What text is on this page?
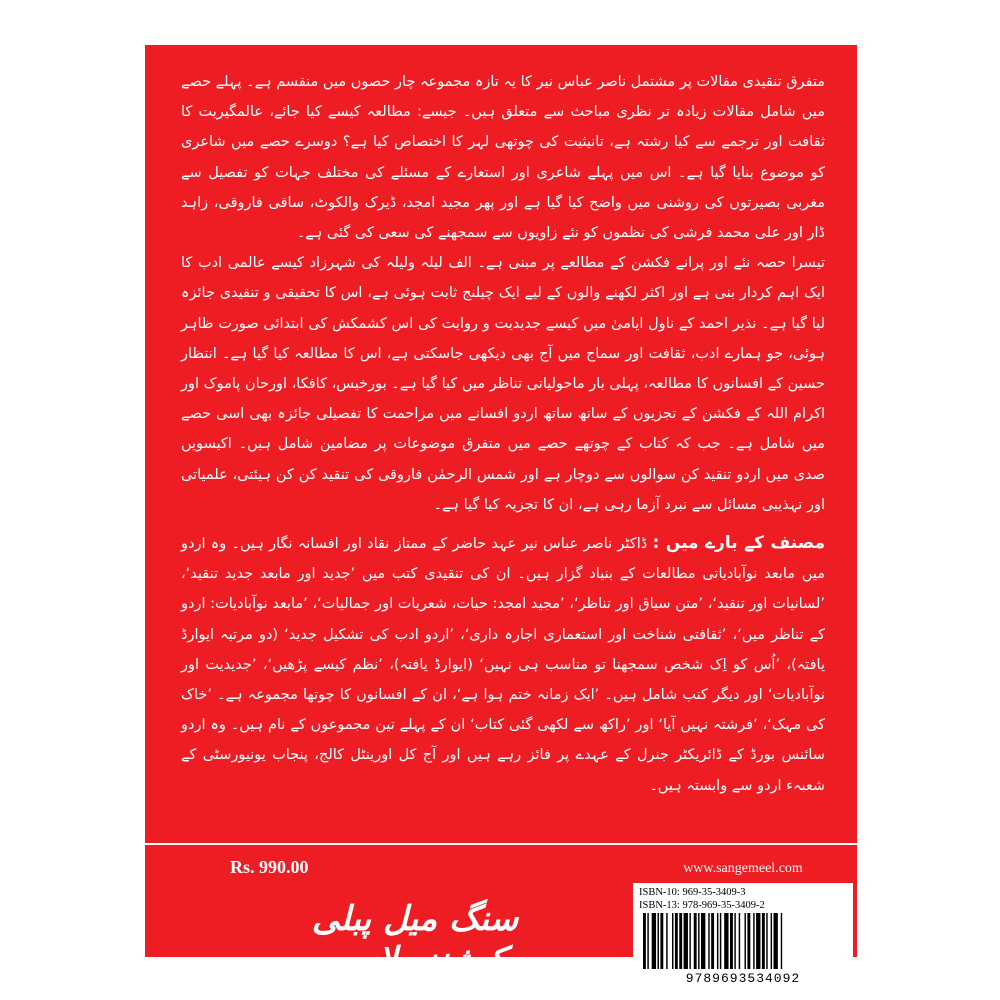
متفرق تنقیدی مقالات پر مشتمل ناصر عباس نیر کا یہ تازہ مجموعہ چار حصوں میں منقسم ہے۔ پہلے حصے میں شامل مقالات زیادہ تر نظری مباحث سے متعلق ہیں۔ جیسے: مطالعہ کیسے کیا جائے، عالمگیریت کا ثقافت اور ترجمے سے کیا رشتہ ہے، تانیثیت کی چوتھی لہر کا اختصاص کیا ہے؟ دوسرے حصے میں شاعری کو موضوع بنایا گیا ہے۔ اس میں پہلے شاعری اور استعارے کے مسئلے کی مختلف جہات کو تفصیل سے مغربی بصیرتوں کی روشنی میں واضح کیا گیا ہے اور پھر مجید امجد، ڈیرک والکوٹ، ساقی فاروقی، زاہد ڈار اور علی محمد فرشی کی نظموں کو نئے زاویوں سے سمجھنے کی سعی کی گئی ہے۔

تیسرا حصہ نئے اور پرانے فکشن کے مطالعے پر مبنی ہے۔ الف لیلہ ولیلہ کی شہرزاد کیسے عالمی ادب کا ایک اہم کردار بنی ہے اور اکثر لکھنے والوں کے لیے ایک چیلنج ثابت ہوئی ہے، اس کا تحقیقی و تنقیدی جائزہ لیا گیا ہے۔ نذیر احمد کے ناول ایامیٰ میں کیسے جدیدیت و روایت کی اس کشمکش کی ابتدائی صورت ظاہر ہوئی، جو ہمارے ادب، ثقافت اور سماج میں آج بھی دیکھی جاسکتی ہے، اس کا مطالعہ کیا گیا ہے۔ انتظار حسین کے افسانوں کا مطالعہ، پہلی بار ماحولیاتی تناظر میں کیا گیا ہے۔ بورخیس، کافکا، اورحان پاموک اور اکرام اللہ کے فکشن کے تجزیوں کے ساتھ ساتھ اردو افسانے میں مزاحمت کا تفصیلی جائزہ بھی اسی حصے میں شامل ہے۔ جب کہ کتاب کے چوتھے حصے میں متفرق موضوعات پر مضامین شامل ہیں۔ اکیسویں صدی میں اردو تنقید کن سوالوں سے دوچار ہے اور شمس الرحمٰن فاروقی کی تنقید کن کن ہیئتی، علمیاتی اور تہذیبی مسائل سے نبرد آزما رہی ہے، ان کا تجزیہ کیا گیا ہے۔

مصنف کے بارے میں : ڈاکٹر ناصر عباس نیر عہد حاضر کے ممتاز نقاد اور افسانہ نگار ہیں۔ وہ اردو میں مابعد نوآبادیاتی مطالعات کے بنیاد گزار ہیں۔ ان کی تنقیدی کتب میں ’جدید اور مابعد جدید تنقید‘، ’لسانیات اور تنقید‘، ’متن سیاق اور تناظر‘، ’مجید امجد: حیات، شعریات اور جمالیات‘، ’مابعد نوآبادیات: اردو کے تناظر میں‘، ’ثقافتی شناخت اور استعماری اجارہ داری‘، ’اردو ادب کی تشکیل جدید‘ (دو مرتبہ ایوارڈ یافتہ)، ’اُس کو اِک شخص سمجھنا تو مناسب ہی نہیں‘ (ایوارڈ یافتہ)، ’نظم کیسے پڑھیں‘، ’جدیدیت اور نوآبادیات‘ اور دیگر کتب شامل ہیں۔ ’ایک زمانہ ختم ہوا ہے‘، ان کے افسانوں کا چوتھا مجموعہ ہے۔ ’خاک کی مہک‘، ’فرشتہ نہیں آیا‘ اور ’راکھ سے لکھی گئی کتاب‘ ان کے پہلے تین مجموعوں کے نام ہیں۔ وہ اردو سائنس بورڈ کے ڈائریکٹر جنرل کے عہدے پر فائز رہے ہیں اور آج کل اورینٹل کالج، پنجاب یونیورسٹی کے شعبہء اردو سے وابستہ ہیں۔

Rs. 990.00
سنگ میل پبلی کیشنز، لاہور
www.sangemeel.com
ISBN-10: 969-35-3409-3
ISBN-13: 978-969-35-3409-2
9789693534092
